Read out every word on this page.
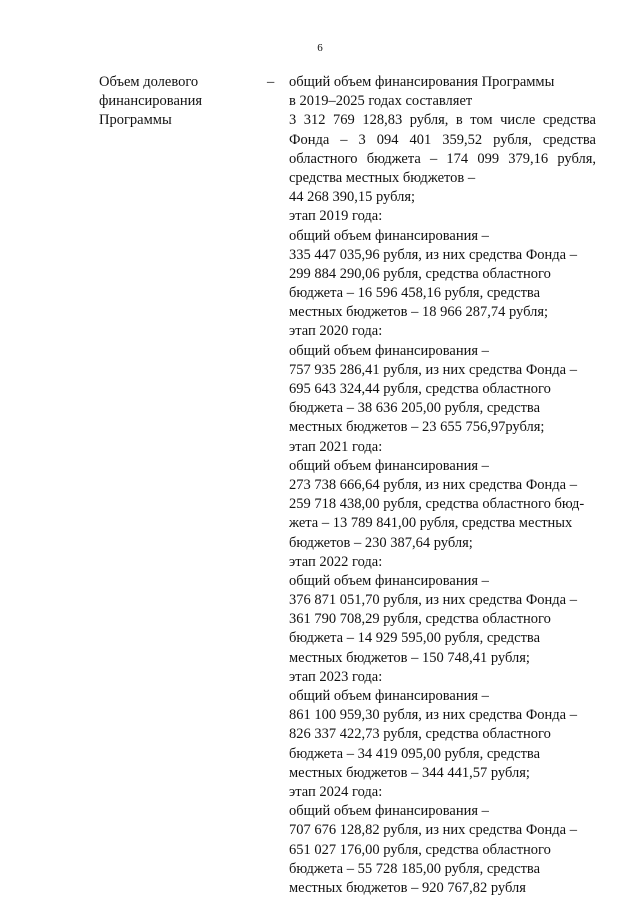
6
Объем долевого
финансирования
Программы
– общий объем финансирования Программы
в 2019–2025 годах составляет
3 312 769 128,83 рубля, в том числе средства
Фонда – 3 094 401 359,52 рубля, средства
областного бюджета – 174 099 379,16 рубля,
средства местных бюджетов –
44 268 390,15 рубля;
этап 2019 года:
общий объем финансирования –
335 447 035,96 рубля, из них средства Фонда –
299 884 290,06 рубля, средства областного
бюджета – 16 596 458,16 рубля, средства
местных бюджетов – 18 966 287,74 рубля;
этап 2020 года:
общий объем финансирования –
757 935 286,41 рубля, из них средства Фонда –
695 643 324,44 рубля, средства областного
бюджета – 38 636 205,00 рубля, средства
местных бюджетов – 23 655 756,97рубля;
этап 2021 года:
общий объем финансирования –
273 738 666,64 рубля, из них средства Фонда –
259 718 438,00 рубля, средства областного бюд-
жета – 13 789 841,00 рубля, средства местных
бюджетов – 230 387,64 рубля;
этап 2022 года:
общий объем финансирования –
376 871 051,70 рубля, из них средства Фонда –
361 790 708,29 рубля, средства областного
бюджета – 14 929 595,00 рубля, средства
местных бюджетов – 150 748,41 рубля;
этап 2023 года:
общий объем финансирования –
861 100 959,30 рубля, из них средства Фонда –
826 337 422,73 рубля, средства областного
бюджета – 34 419 095,00 рубля, средства
местных бюджетов – 344 441,57 рубля;
этап 2024 года:
общий объем финансирования –
707 676 128,82 рубля, из них средства Фонда –
651 027 176,00 рубля, средства областного
бюджета – 55 728 185,00 рубля, средства
местных бюджетов – 920 767,82 рубля
